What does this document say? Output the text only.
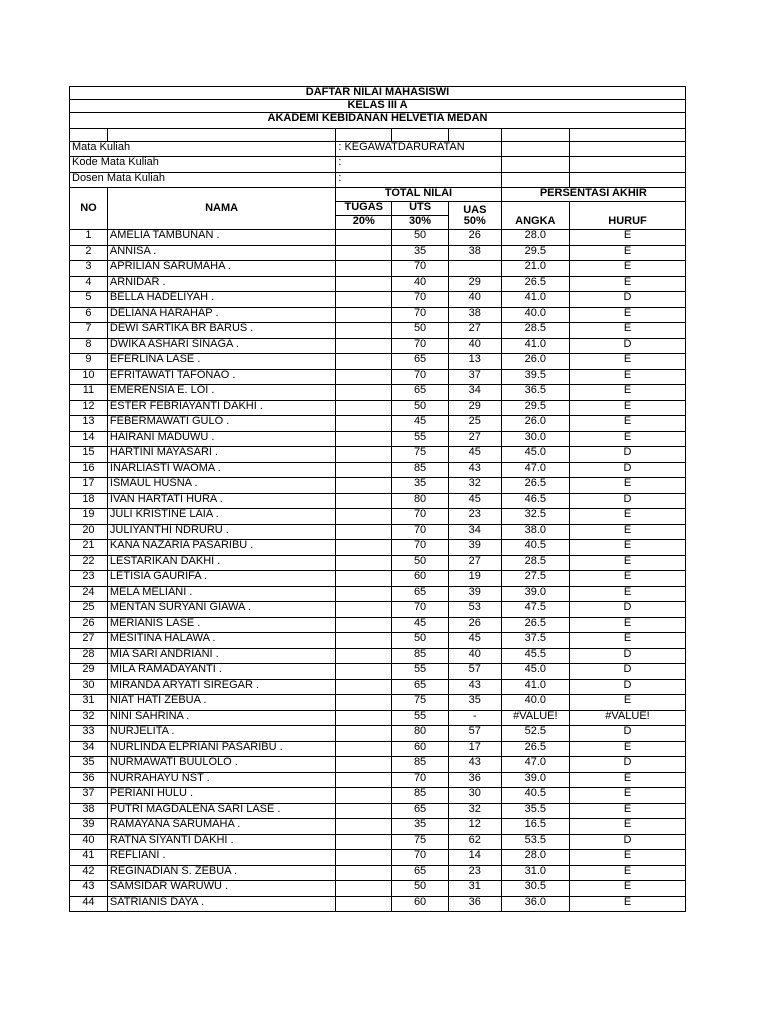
DAFTAR NILAI MAHASISWI						
KELAS III A						
AKADEMI KEBIDANAN HELVETIA MEDAN						

Mata Kuliah		: KEGAWATDARURATAN				
Kode Mata Kuliah		:				
Dosen Mata Kuliah		:				
NO	NAMA	TOTAL NILAI			PERSENTASI AKHIR	
		TUGAS	UTS	UAS		
		20%	30%	50%	ANGKA	HURUF
1	AMELIA TAMBUNAN .		50	26	28.0	E
2	ANNISA .		35	38	29.5	E
3	APRILIAN SARUMAHA .		70		21.0	E
4	ARNIDAR .		40	29	26.5	E
5	BELLA HADELIYAH .		70	40	41.0	D
6	DELIANA HARAHAP .		70	38	40.0	E
7	DEWI SARTIKA BR BARUS .		50	27	28.5	E
8	DWIKA ASHARI SINAGA .		70	40	41.0	D
9	EFERLINA LASE .		65	13	26.0	E
10	EFRITAWATI TAFONAO .		70	37	39.5	E
11	EMERENSIA E. LOI .		65	34	36.5	E
12	ESTER FEBRIAYANTI DAKHI .		50	29	29.5	E
13	FEBERMAWATI GULO .		45	25	26.0	E
14	HAIRANI MADUWU .		55	27	30.0	E
15	HARTINI MAYASARI .		75	45	45.0	D
16	INARLIASTI WAOMA .		85	43	47.0	D
17	ISMAUL HUSNA .		35	32	26.5	E
18	IVAN HARTATI HURA .		80	45	46.5	D
19	JULI KRISTINE LAIA .		70	23	32.5	E
20	JULIYANTHI NDRURU .		70	34	38.0	E
21	KANA NAZARIA PASARIBU .		70	39	40.5	E
22	LESTARIKAN DAKHI .		50	27	28.5	E
23	LETISIA GAURIFA .		60	19	27.5	E
24	MELA MELIANI .		65	39	39.0	E
25	MENTAN SURYANI GIAWA .		70	53	47.5	D
26	MERIANIS LASE .		45	26	26.5	E
27	MESITINA HALAWA .		50	45	37.5	E
28	MIA SARI ANDRIANI .		85	40	45.5	D
29	MILA RAMADAYANTI .		55	57	45.0	D
30	MIRANDA ARYATI SIREGAR .		65	43	41.0	D
31	NIAT HATI ZEBUA .		75	35	40.0	E
32	NINI SAHRINA .		55	-	#VALUE!	#VALUE!
33	NURJELITA .		80	57	52.5	D
34	NURLINDA ELPRIANI PASARIBU .		60	17	26.5	E
35	NURMAWATI BUULOLO .		85	43	47.0	D
36	NURRAHAYU NST .		70	36	39.0	E
37	PERIANI HULU .		85	30	40.5	E
38	PUTRI MAGDALENA SARI LASE .		65	32	35.5	E
39	RAMAYANA SARUMAHA .		35	12	16.5	E
40	RATNA SIYANTI DAKHI .		75	62	53.5	D
41	REFLIANI .		70	14	28.0	E
42	REGINADIAN S. ZEBUA .		65	23	31.0	E
43	SAMSIDAR WARUWU .		50	31	30.5	E
44	SATRIANIS DAYA .		60	36	36.0	E
